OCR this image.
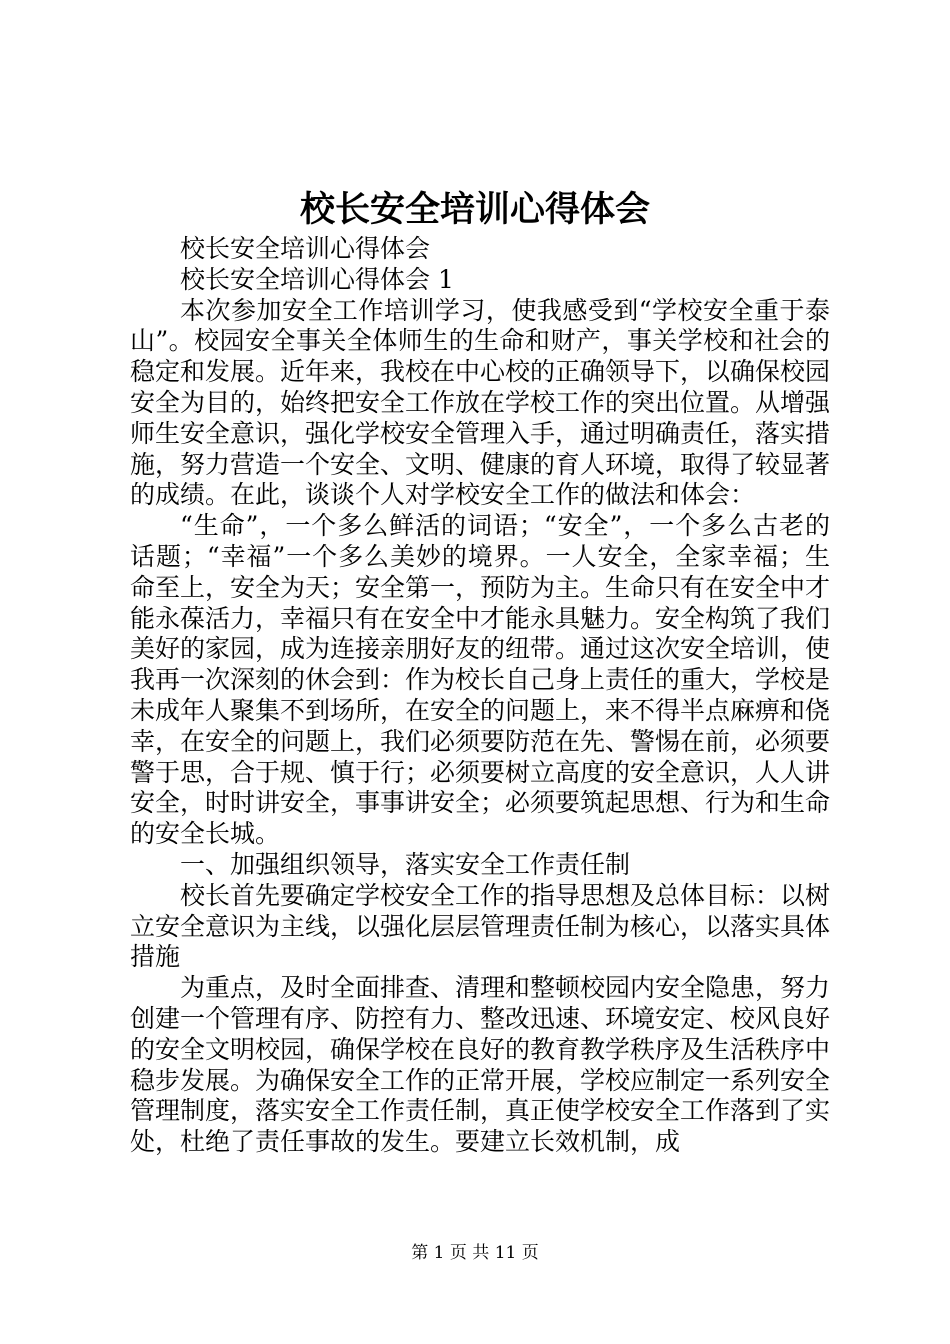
校长安全培训心得体会

校长安全培训心得体会

校长安全培训心得体会 1

本次参加安全工作培训学习，使我感受到“学校安全重于泰山”。校园安全事关全体师生的生命和财产，事关学校和社会的稳定和发展。近年来，我校在中心校的正确领导下，以确保校园安全为目的，始终把安全工作放在学校工作的突出位置。从增强师生安全意识，强化学校安全管理入手，通过明确责任，落实措施，努力营造一个安全、文明、健康的育人环境，取得了较显著的成绩。在此，谈谈个人对学校安全工作的做法和体会：

“生命”，一个多么鲜活的词语；“安全”，一个多么古老的话题；“幸福”一个多么美妙的境界。一人安全，全家幸福；生命至上，安全为天；安全第一，预防为主。生命只有在安全中才能永葆活力，幸福只有在安全中才能永具魅力。安全构筑了我们美好的家园，成为连接亲朋好友的纽带。通过这次安全培训，使我再一次深刻的休会到：作为校长自己身上责任的重大，学校是未成年人聚集不到场所，在安全的问题上，来不得半点麻痹和侥幸，在安全的问题上，我们必须要防范在先、警惕在前，必须要警于思，合于规、慎于行；必须要树立高度的安全意识，人人讲安全，时时讲安全，事事讲安全；必须要筑起思想、行为和生命的安全长城。

一、加强组织领导，落实安全工作责任制

校长首先要确定学校安全工作的指导思想及总体目标：以树立安全意识为主线，以强化层层管理责任制为核心，以落实具体措施

为重点，及时全面排查、清理和整顿校园内安全隐患，努力创建一个管理有序、防控有力、整改迅速、环境安定、校风良好的安全文明校园，确保学校在良好的教育教学秩序及生活秩序中稳步发展。为确保安全工作的正常开展，学校应制定一系列安全管理制度，落实安全工作责任制，真正使学校安全工作落到了实处，杜绝了责任事故的发生。要建立长效机制，成

第 1 页 共 11 页
